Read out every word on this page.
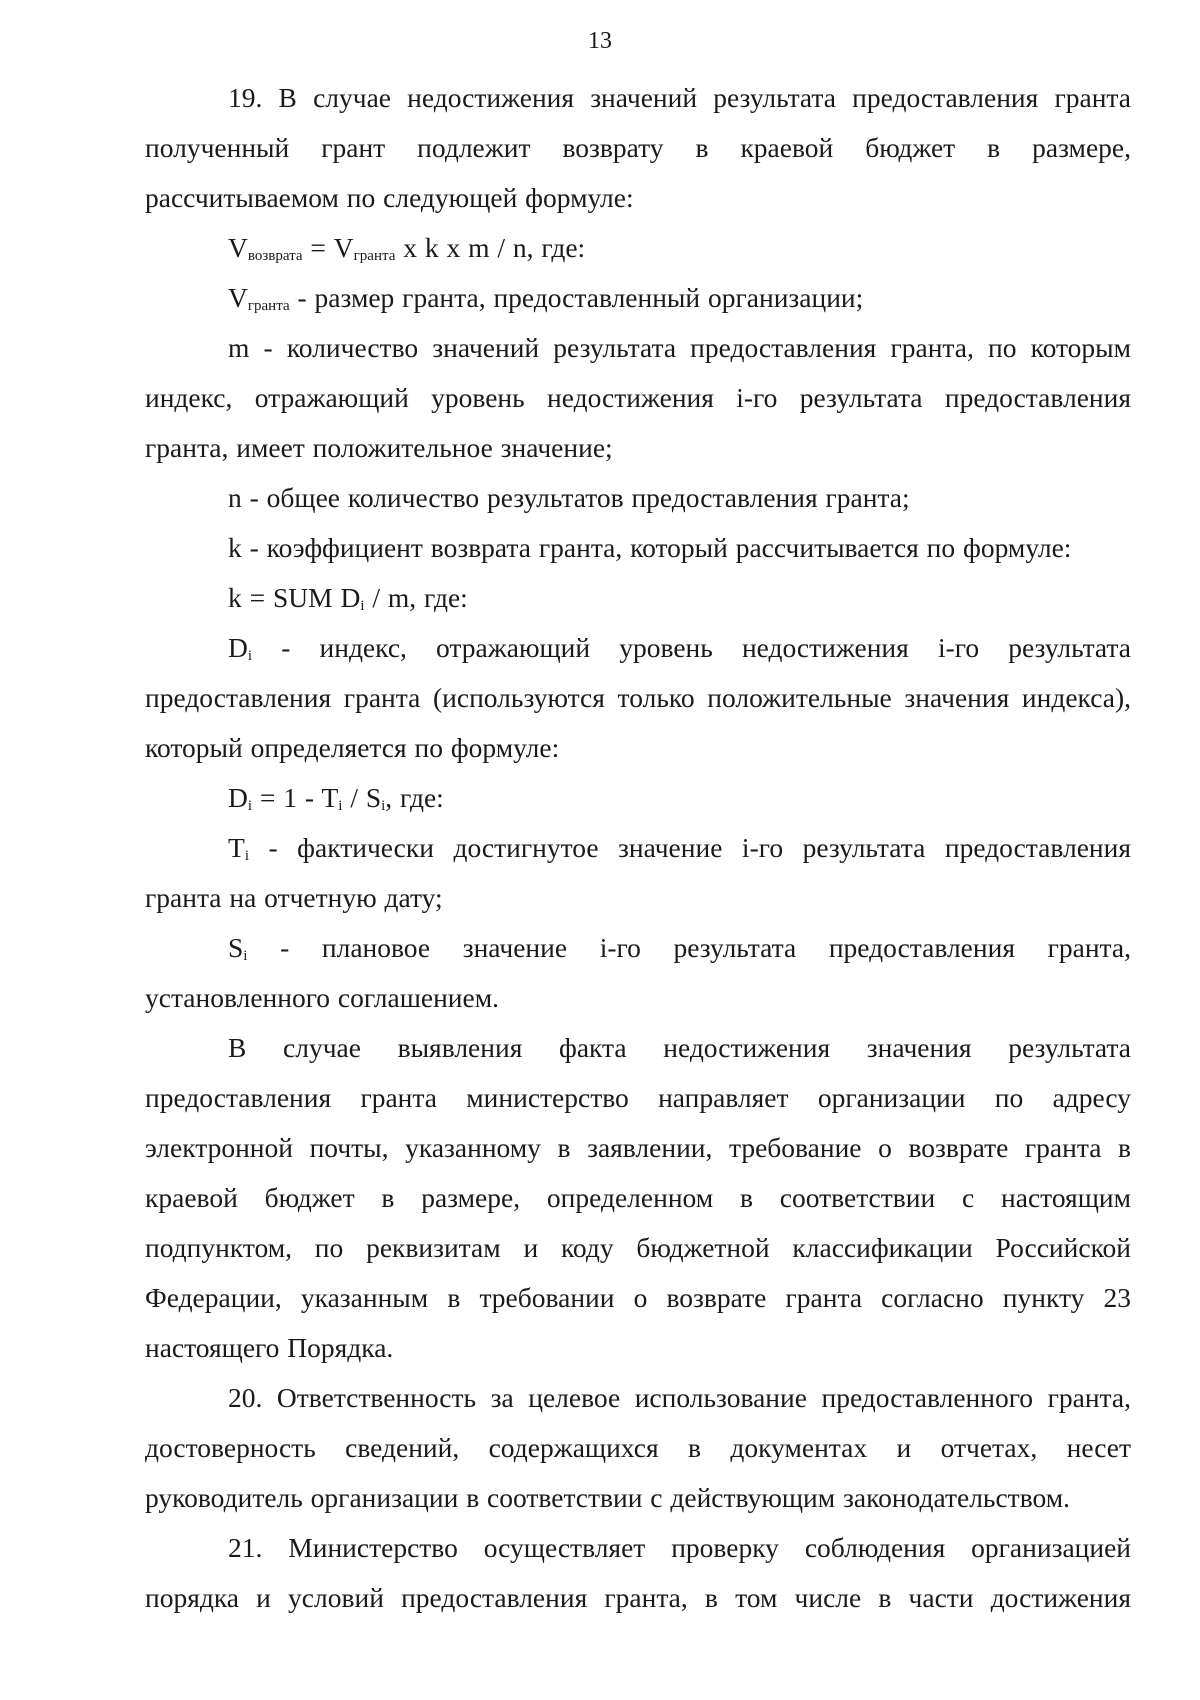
13

19. В случае недостижения значений результата предоставления гранта полученный грант подлежит возврату в краевой бюджет в размере, рассчитываемом по следующей формуле:

$V_{возврата} = V_{гранта}$ x k x m / n, где:

$V_{гранта}$ - размер гранта, предоставленный организации;

m - количество значений результата предоставления гранта, по которым индекс, отражающий уровень недостижения i-го результата предоставления гранта, имеет положительное значение;

n - общее количество результатов предоставления гранта;

k - коэффициент возврата гранта, который рассчитывается по формуле:

k = SUM $D_i$ / m, где:

$D_i$ - индекс, отражающий уровень недостижения i-го результата предоставления гранта (используются только положительные значения индекса), который определяется по формуле:

$D_i = 1 - T_i / S_i$, где:

$T_i$ - фактически достигнутое значение i-го результата предоставления гранта на отчетную дату;

$S_i$ - плановое значение i-го результата предоставления гранта, установленного соглашением.

В случае выявления факта недостижения значения результата предоставления гранта министерство направляет организации по адресу электронной почты, указанному в заявлении, требование о возврате гранта в краевой бюджет в размере, определенном в соответствии с настоящим подпунктом, по реквизитам и коду бюджетной классификации Российской Федерации, указанным в требовании о возврате гранта согласно пункту 23 настоящего Порядка.

20. Ответственность за целевое использование предоставленного гранта, достоверность сведений, содержащихся в документах и отчетах, несет руководитель организации в соответствии с действующим законодательством.

21. Министерство осуществляет проверку соблюдения организацией порядка и условий предоставления гранта, в том числе в части достижения
